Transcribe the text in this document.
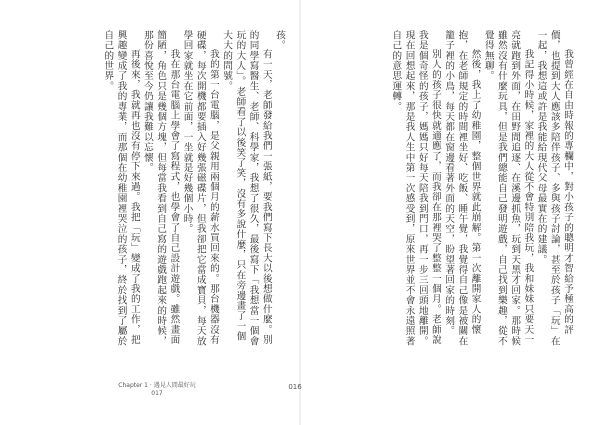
孩。

有一天，老師發給我們一張紙，要我們寫下長大以後想做什麼。別的同學寫醫生、老師、科學家，我想了很久，最後寫下「我想當一個會玩的大人」。老師看了以後笑了笑，沒有多說什麼，只在旁邊畫了一個大大的問號。

我的第一台電腦，是父親用兩個月的薪水買回來的。那台機器沒有硬碟，每次開機都要插入好幾張磁碟片，但我卻把它當成寶貝，每天放學回家就坐在它前面，一坐就是好幾個小時。

我在那台電腦上學會了寫程式，也學會了自己設計遊戲。雖然畫面簡陋，角色只是幾個方塊，但每當我看到自己寫的遊戲跑起來的時候，那份喜悅至今仍讓我難以忘懷。

再後來，我就再也沒有停下來過。我把「玩」變成了我的工作，把興趣變成了我的專業，而那個在幼稚園裡哭泣的孩子，終於找到了屬於自己的世界。

Chapter 1 · 遇見人間最好玩
017

我曾經在自由時報的專欄中，對小孩子的聰明才智給予極高的評價，也提到大人應該多陪伴孩子、多與孩子討論，甚至於孩子「玩」在一起，我想這或許是我能給現代父母最實在的建議。

我記得小時候，家裡的大人從不會特別陪我玩，我和妹妹只要天一亮就跑到外面，在田野間追逐、在溪邊抓魚，玩到天黑才回家。那時候雖然沒有什麼玩具，但是我們總能自己發明遊戲，自己找到樂趣，從不覺得無聊。

然後，我上了幼稚園，整個世界就此崩解。第一次離開家人的懷抱，在老師規定的時間裡坐好、吃飯、睡午覺，我覺得自己像是被關在籠子裡的小鳥，每天都在窗邊看著外面的天空，盼望著回家的時刻。

別人的孩子很快就適應了，而我卻在那裡哭了整整一個月。老師說我是個奇怪的孩子，媽媽只好每天陪我到門口，再一步三回頭地離開。現在回想起來，那是我人生中第一次感受到，原來世界並不會永遠照著自己的意思運轉。

016
